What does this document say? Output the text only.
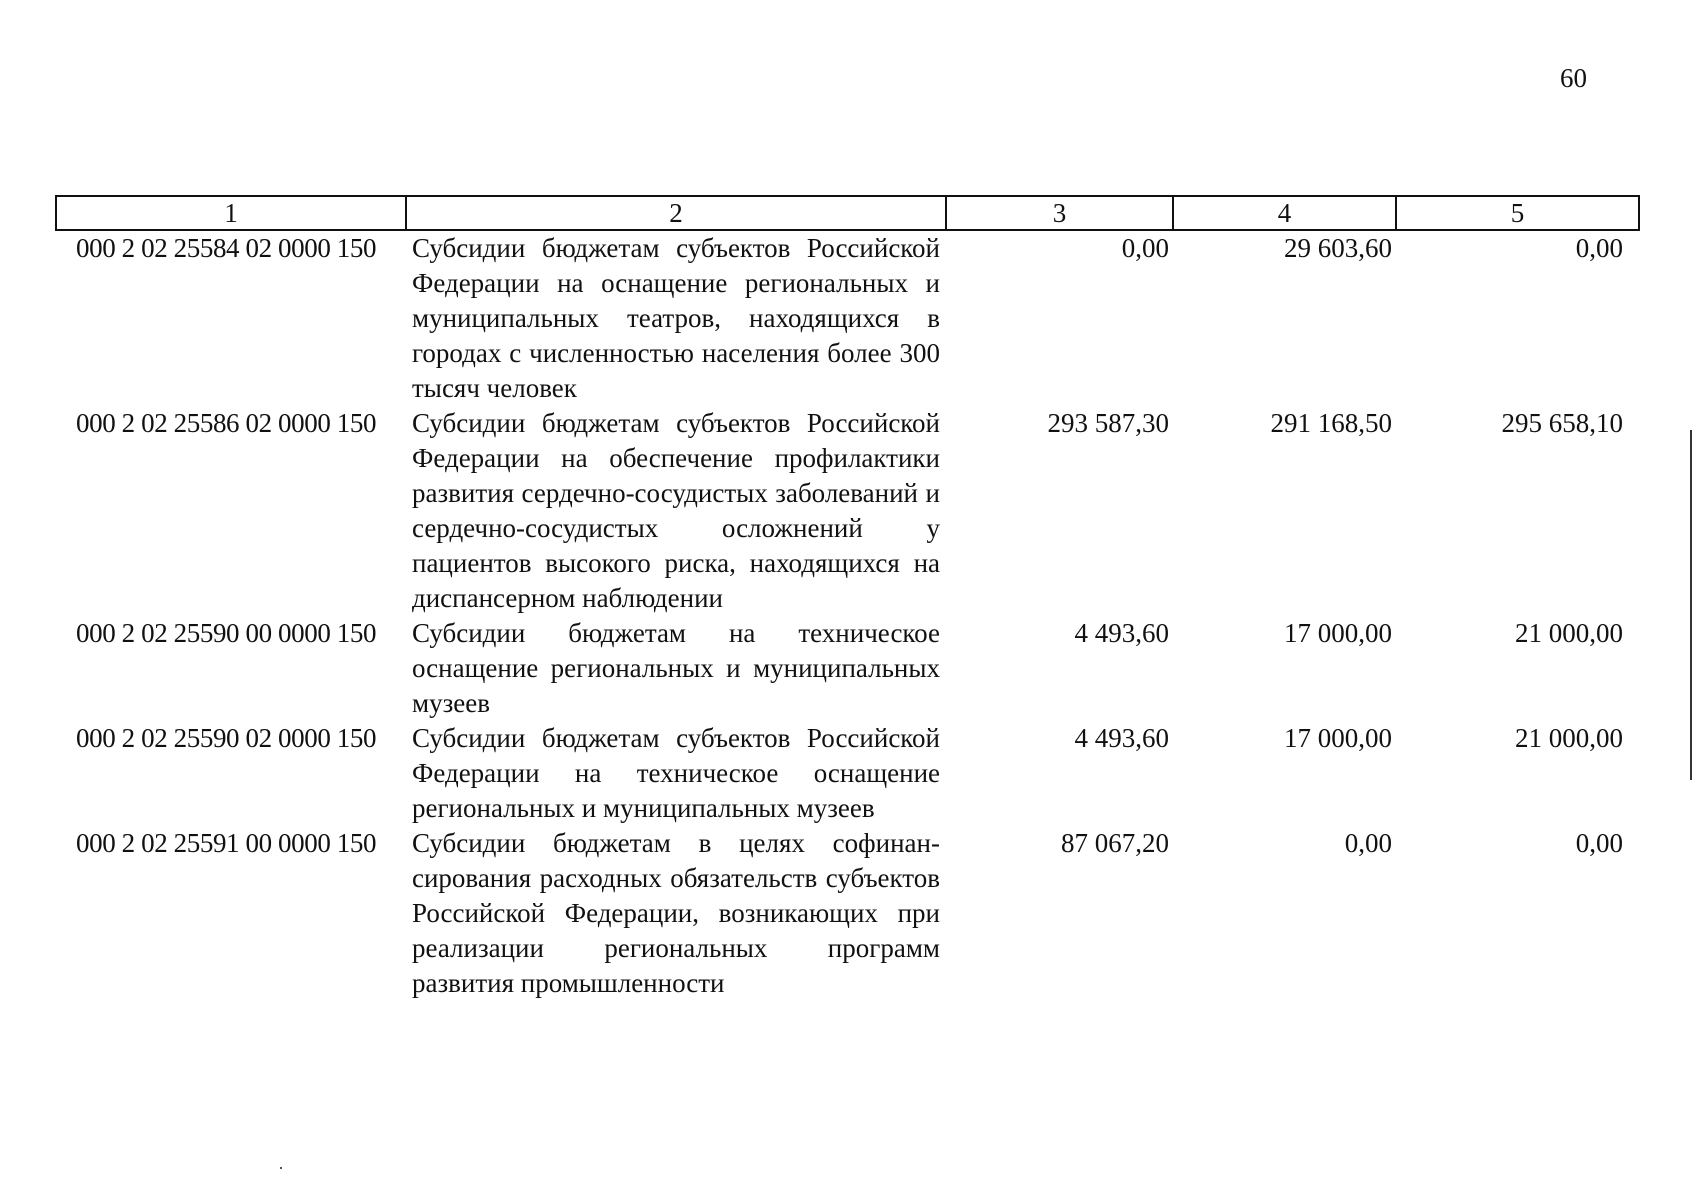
60
1	2	3	4	5
000 2 02 25584 02 0000 150	Субсидии бюджетам субъектов Российской Федерации на оснащение региональных и муниципальных театров, находящихся в городах с численностью населения более 300 тысяч человек	0,00	29 603,60	0,00
000 2 02 25586 02 0000 150	Субсидии бюджетам субъектов Российской Федерации на обеспечение профилактики развития сердечно-сосудистых заболеваний и сердечно-сосудистых осложнений у пациентов высокого риска, находящихся на диспансерном наблюдении	293 587,30	291 168,50	295 658,10
000 2 02 25590 00 0000 150	Субсидии бюджетам на техническое оснащение региональных и муниципальных музеев	4 493,60	17 000,00	21 000,00
000 2 02 25590 02 0000 150	Субсидии бюджетам субъектов Российской Федерации на техническое оснащение региональных и муниципальных музеев	4 493,60	17 000,00	21 000,00
000 2 02 25591 00 0000 150	Субсидии бюджетам в целях софинансирования расходных обязательств субъектов Российской Федерации, возникающих при реализации региональных программ развития промышленности	87 067,20	0,00	0,00
